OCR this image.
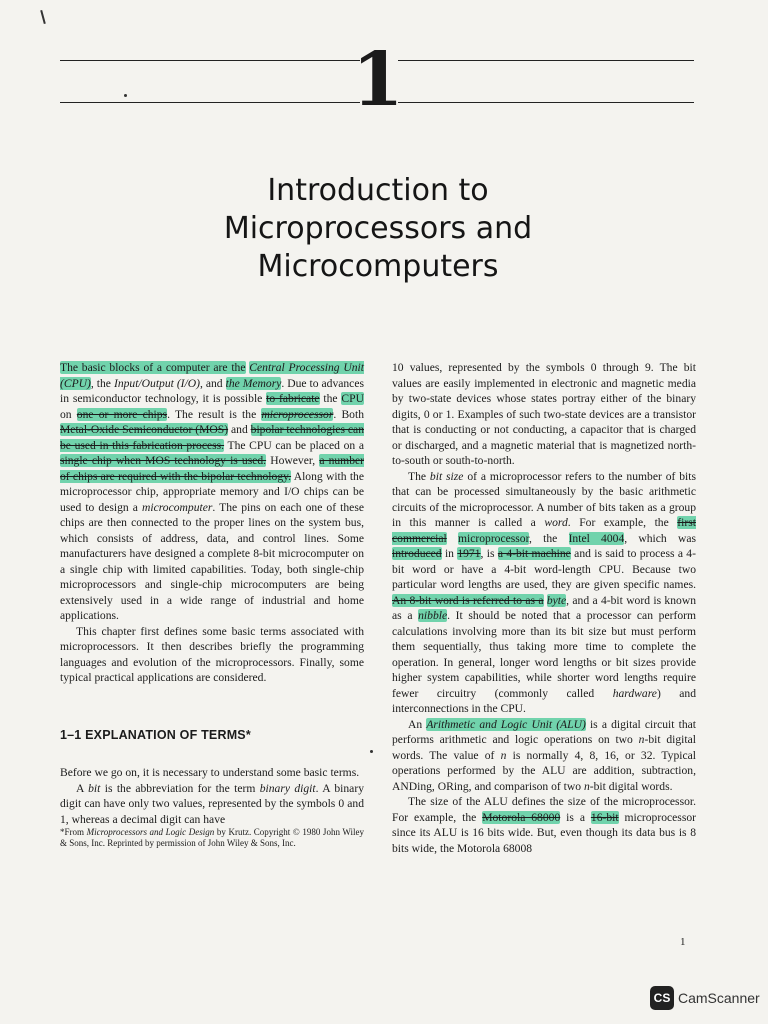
1
Introduction to
Microprocessors and
Microcomputers

The basic blocks of a computer are the Central Processing Unit (CPU), the Input/Output (I/O), and the Memory. Due to advances in semiconductor technology, it is possible to fabricate the CPU on one or more chips. The result is the microprocessor. Both Metal-Oxide Semiconductor (MOS) and bipolar technologies can be used in this fabrication process. The CPU can be placed on a single chip when MOS technology is used. However, a number of chips are required with the bipolar technology. Along with the microprocessor chip, appropriate memory and I/O chips can be used to design a microcomputer. The pins on each one of these chips are then connected to the proper lines on the system bus, which consists of address, data, and control lines. Some manufacturers have designed a complete 8-bit microcomputer on a single chip with limited capabilities. Today, both single-chip microprocessors and single-chip microcomputers are being extensively used in a wide range of industrial and home applications.

This chapter first defines some basic terms associated with microprocessors. It then describes briefly the programming languages and evolution of the microprocessors. Finally, some typical practical applications are considered.

1–1 EXPLANATION OF TERMS*

Before we go on, it is necessary to understand some basic terms.

A bit is the abbreviation for the term binary digit. A binary digit can have only two values, represented by the symbols 0 and 1, whereas a decimal digit can have

*From Microprocessors and Logic Design by Krutz. Copyright © 1980 John Wiley & Sons, Inc. Reprinted by permission of John Wiley & Sons, Inc.

10 values, represented by the symbols 0 through 9. The bit values are easily implemented in electronic and magnetic media by two-state devices whose states portray either of the binary digits, 0 or 1. Examples of such two-state devices are a transistor that is conducting or not conducting, a capacitor that is charged or discharged, and a magnetic material that is magnetized north-to-south or south-to-north.

The bit size of a microprocessor refers to the number of bits that can be processed simultaneously by the basic arithmetic circuits of the microprocessor. A number of bits taken as a group in this manner is called a word. For example, the first commercial microprocessor, the Intel 4004, which was introduced in 1971, is a 4-bit machine and is said to process a 4-bit word or have a 4-bit word-length CPU. Because two particular word lengths are used, they are given specific names. An 8-bit word is referred to as a byte, and a 4-bit word is known as a nibble. It should be noted that a processor can perform calculations involving more than its bit size but must perform them sequentially, thus taking more time to complete the operation. In general, longer word lengths or bit sizes provide higher system capabilities, while shorter word lengths require fewer circuitry (commonly called hardware) and interconnections in the CPU.

An Arithmetic and Logic Unit (ALU) is a digital circuit that performs arithmetic and logic operations on two n-bit digital words. The value of n is normally 4, 8, 16, or 32. Typical operations performed by the ALU are addition, subtraction, ANDing, ORing, and comparison of two n-bit digital words.

The size of the ALU defines the size of the microprocessor. For example, the Motorola 68000 is a 16-bit microprocessor since its ALU is 16 bits wide. But, even though its data bus is 8 bits wide, the Motorola 68008

1
CS CamScanner
